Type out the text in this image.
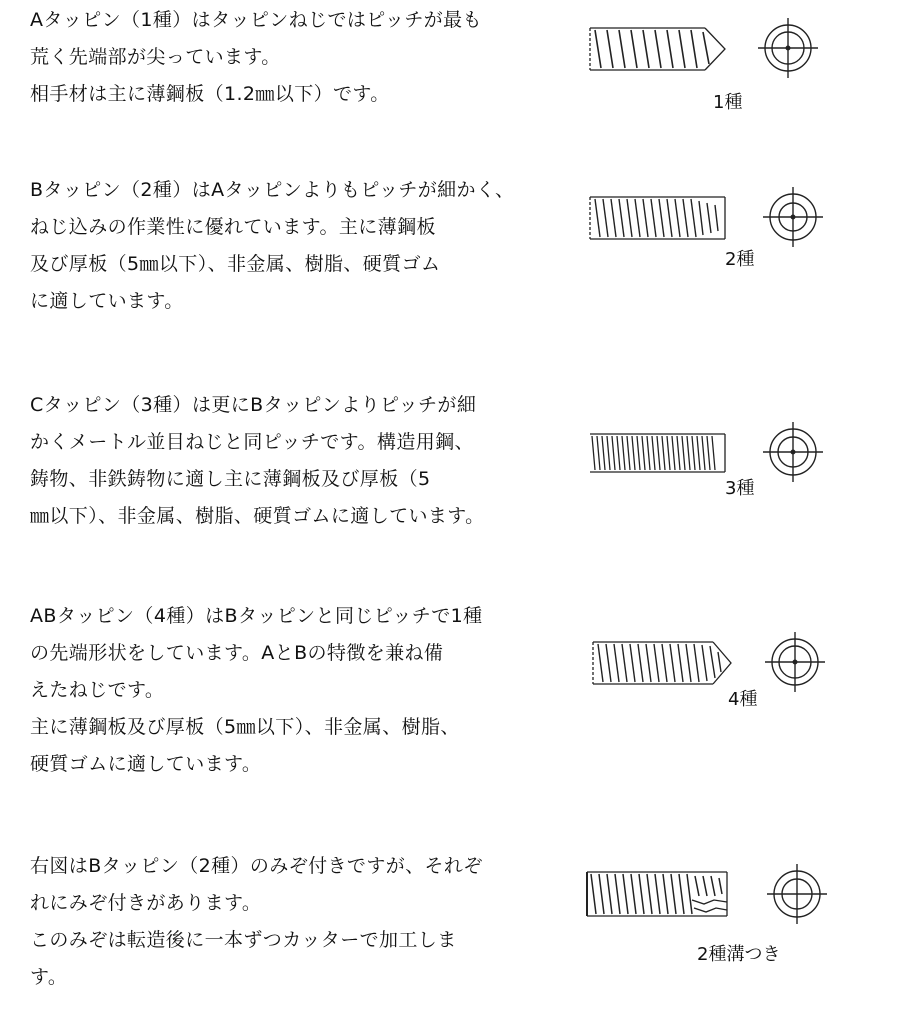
Aタッピン（1種）はタッピンねじではピッチが最も
荒く先端部が尖っています。
相手材は主に薄鋼板（1.2㎜以下）です。	1種
Bタッピン（2種）はAタッピンよりもピッチが細かく、
ねじ込みの作業性に優れています。主に薄鋼板
及び厚板（5㎜以下）、非金属、樹脂、硬質ゴム
に適しています。
2種
Cタッピン（3種）は更にBタッピンよりピッチが細
かくメートル並目ねじと同ピッチです。構造用鋼、
鋳物、非鉄鋳物に適し主に薄鋼板及び厚板（5
㎜以下）、非金属、樹脂、硬質ゴムに適しています。
3種
ABタッピン（4種）はBタッピンと同じピッチで1種
の先端形状をしています。AとBの特徴を兼ね備
えたねじです。
主に薄鋼板及び厚板（5㎜以下）、非金属、樹脂、
硬質ゴムに適しています。
4種
右図はBタッピン（2種）のみぞ付きですが、それぞ
れにみぞ付きがあります。
このみぞは転造後に一本ずつカッターで加工しま
す。
2種溝つき
